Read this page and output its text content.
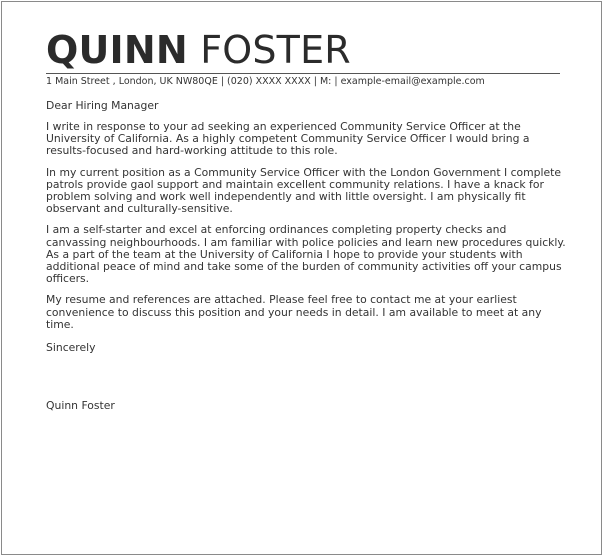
QUINN FOSTER
1 Main Street , London, UK NW80QE | (020) XXXX XXXX | M: | example-email@example.com
Dear Hiring Manager
I write in response to your ad seeking an experienced Community Service Officer at the University of California. As a highly competent Community Service Officer I would bring a results-focused and hard-working attitude to this role.
In my current position as a Community Service Officer with the London Government I complete patrols provide gaol support and maintain excellent community relations. I have a knack for problem solving and work well independently and with little oversight. I am physically fit observant and culturally-sensitive.
I am a self-starter and excel at enforcing ordinances completing property checks and canvassing neighbourhoods. I am familiar with police policies and learn new procedures quickly. As a part of the team at the University of California I hope to provide your students with additional peace of mind and take some of the burden of community activities off your campus officers.
My resume and references are attached. Please feel free to contact me at your earliest convenience to discuss this position and your needs in detail. I am available to meet at any time.
Sincerely
Quinn Foster
